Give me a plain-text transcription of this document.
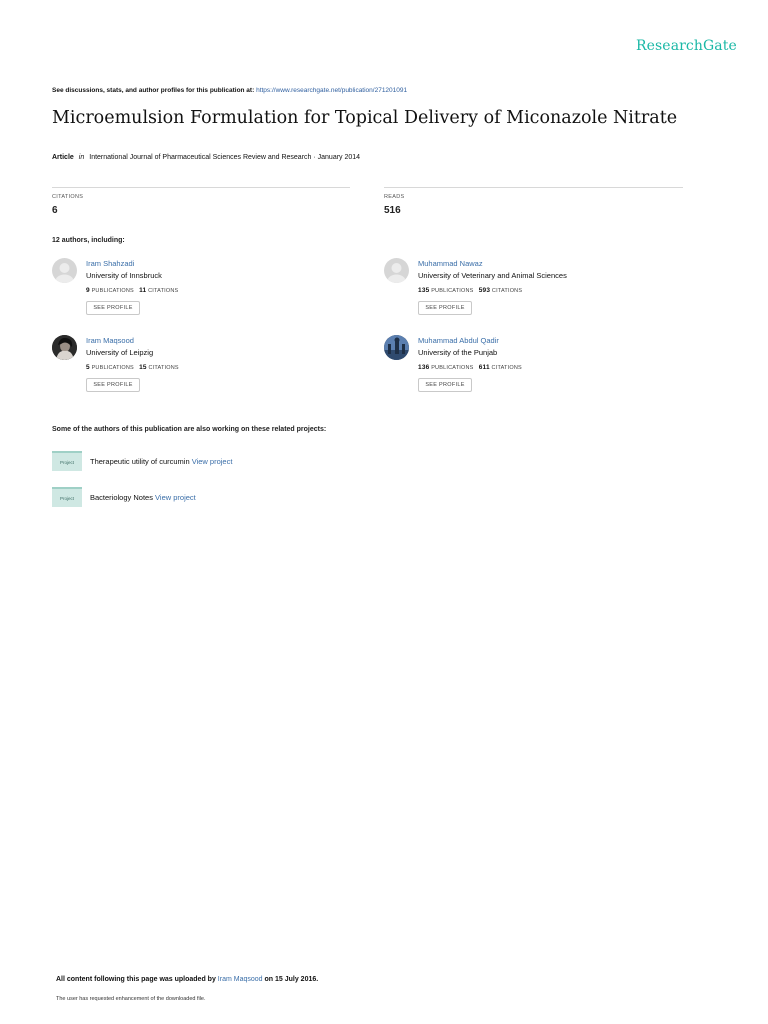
ResearchGate
See discussions, stats, and author profiles for this publication at: https://www.researchgate.net/publication/271201091
Microemulsion Formulation for Topical Delivery of Miconazole Nitrate
Article in International Journal of Pharmaceutical Sciences Review and Research · January 2014
CITATIONS
6
READS
516
12 authors, including:
Iram Shahzadi
University of Innsbruck
9 PUBLICATIONS 11 CITATIONS
SEE PROFILE
Muhammad Nawaz
University of Veterinary and Animal Sciences
135 PUBLICATIONS 593 CITATIONS
SEE PROFILE
Iram Maqsood
University of Leipzig
5 PUBLICATIONS 15 CITATIONS
SEE PROFILE
Muhammad Abdul Qadir
University of the Punjab
136 PUBLICATIONS 611 CITATIONS
SEE PROFILE
Some of the authors of this publication are also working on these related projects:
Project	Therapeutic utility of curcumin View project
Project	Bacteriology Notes View project
All content following this page was uploaded by Iram Maqsood on 15 July 2016.
The user has requested enhancement of the downloaded file.
